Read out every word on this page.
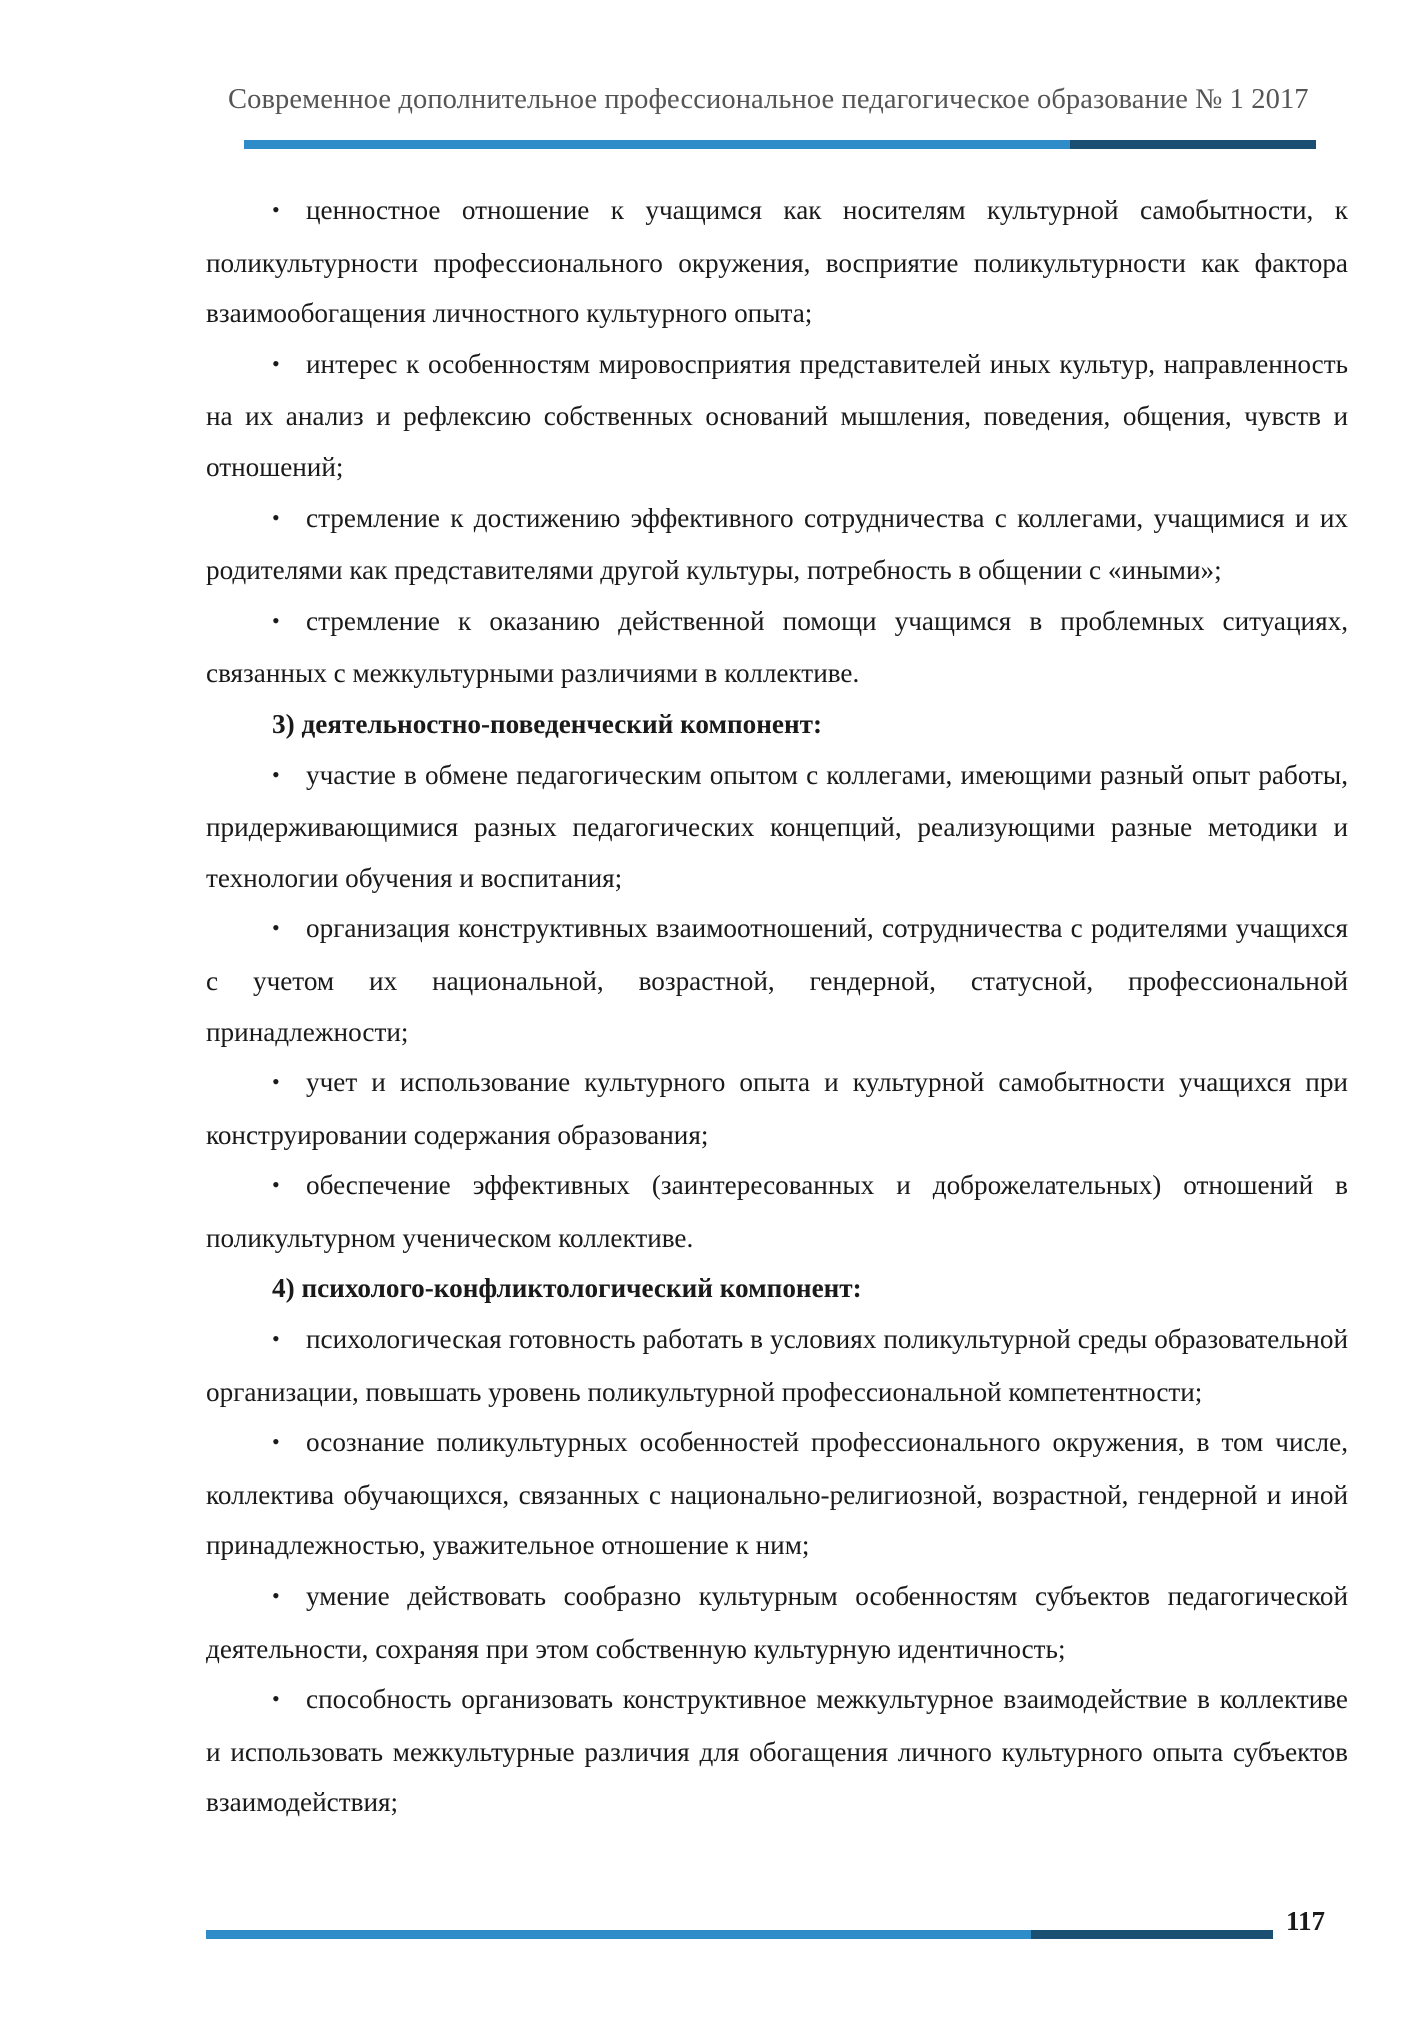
Современное дополнительное профессиональное педагогическое образование № 1 2017

• ценностное отношение к учащимся как носителям культурной самобытности, к поликультурности профессионального окружения, восприятие поликультурности как фактора взаимообогащения личностного культурного опыта;

• интерес к особенностям мировосприятия представителей иных культур, направленность на их анализ и рефлексию собственных оснований мышления, поведения, общения, чувств и отношений;

• стремление к достижению эффективного сотрудничества с коллегами, учащимися и их родителями как представителями другой культуры, потребность в общении с «иными»;

• стремление к оказанию действенной помощи учащимся в проблемных ситуациях, связанных с межкультурными различиями в коллективе.

3) деятельностно-поведенческий компонент:

• участие в обмене педагогическим опытом с коллегами, имеющими разный опыт работы, придерживающимися разных педагогических концепций, реализующими разные методики и технологии обучения и воспитания;

• организация конструктивных взаимоотношений, сотрудничества с родителями учащихся с учетом их национальной, возрастной, гендерной, статусной, профессиональной принадлежности;

• учет и использование культурного опыта и культурной самобытности учащихся при конструировании содержания образования;

• обеспечение эффективных (заинтересованных и доброжелательных) отношений в поликультурном ученическом коллективе.

4) психолого-конфликтологический компонент:

• психологическая готовность работать в условиях поликультурной среды образовательной организации, повышать уровень поликультурной профессиональной компетентности;

• осознание поликультурных особенностей профессионального окружения, в том числе, коллектива обучающихся, связанных с национально-религиозной, возрастной, гендерной и иной принадлежностью, уважительное отношение к ним;

• умение действовать сообразно культурным особенностям субъектов педагогической деятельности, сохраняя при этом собственную культурную идентичность;

• способность организовать конструктивное межкультурное взаимодействие в коллективе и использовать межкультурные различия для обогащения личного культурного опыта субъектов взаимодействия;

117
